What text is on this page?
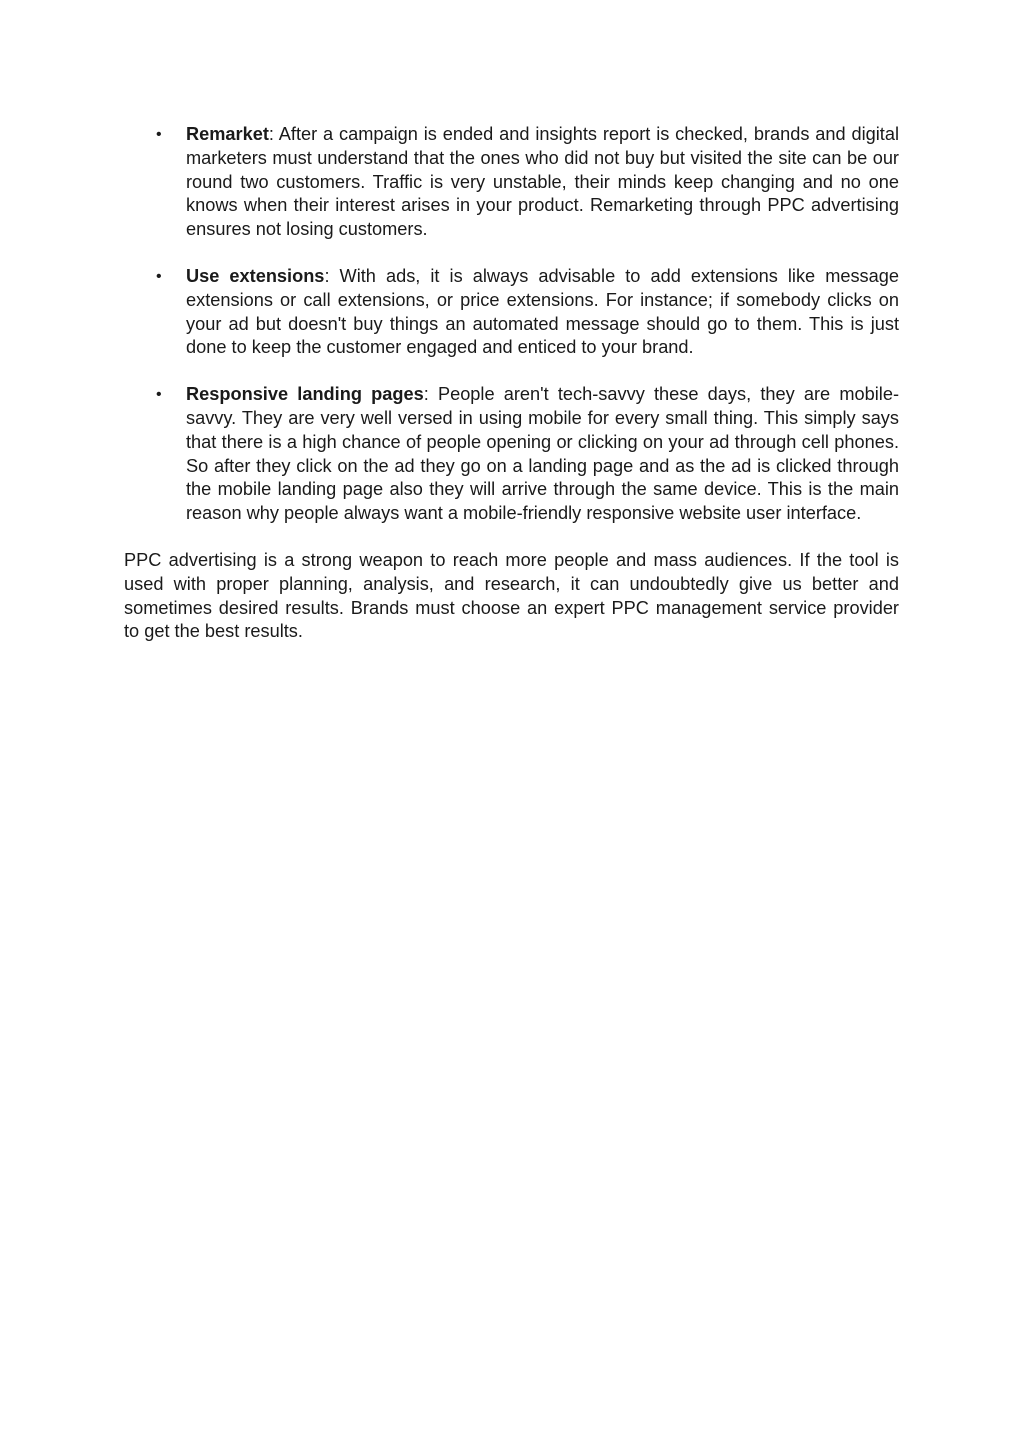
• Remarket: After a campaign is ended and insights report is checked, brands and digital marketers must understand that the ones who did not buy but visited the site can be our round two customers. Traffic is very unstable, their minds keep changing and no one knows when their interest arises in your product. Remarketing through PPC advertising ensures not losing customers.
• Use extensions: With ads, it is always advisable to add extensions like message extensions or call extensions, or price extensions. For instance; if somebody clicks on your ad but doesn't buy things an automated message should go to them. This is just done to keep the customer engaged and enticed to your brand.
• Responsive landing pages: People aren't tech-savvy these days, they are mobile-savvy. They are very well versed in using mobile for every small thing. This simply says that there is a high chance of people opening or clicking on your ad through cell phones. So after they click on the ad they go on a landing page and as the ad is clicked through the mobile landing page also they will arrive through the same device. This is the main reason why people always want a mobile-friendly responsive website user interface.

PPC advertising is a strong weapon to reach more people and mass audiences. If the tool is used with proper planning, analysis, and research, it can undoubtedly give us better and sometimes desired results. Brands must choose an expert PPC management service provider to get the best results.
